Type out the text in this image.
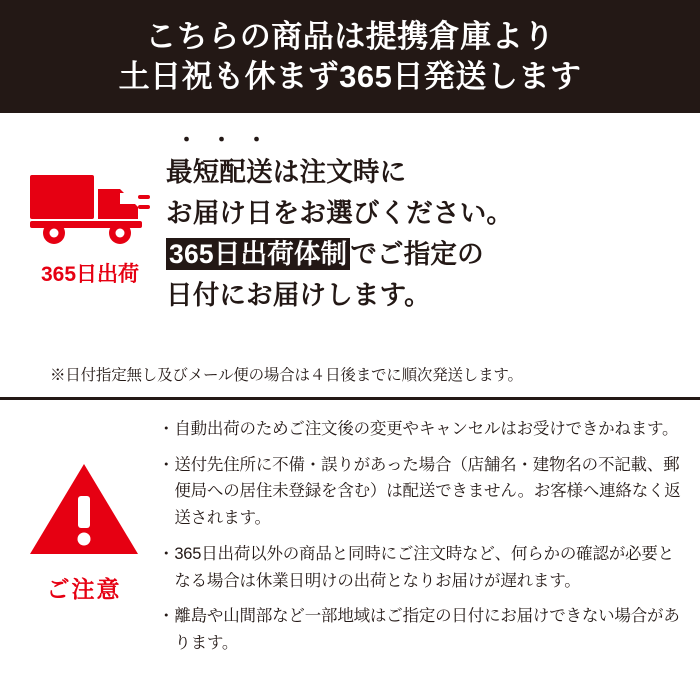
こちらの商品は提携倉庫より
土日祝も休まず365日発送します
365日出荷
・・・
最短配送は注文時に
お届け日をお選びください。
365日出荷体制 でご指定の
日付にお届けします。
※日付指定無し及びメール便の場合は４日後までに順次発送します。
ご注意
・ 自動出荷のためご注文後の変更やキャンセルはお受けできかねます。
・ 送付先住所に不備・誤りがあった場合（店舗名・建物名の不記載、郵便局への居住未登録を含む）は配送できません。お客様へ連絡なく返送されます。
・ 365日出荷以外の商品と同時にご注文時など、何らかの確認が必要となる場合は休業日明けの出荷となりお届けが遅れます。
・ 離島や山間部など一部地域はご指定の日付にお届けできない場合があります。
